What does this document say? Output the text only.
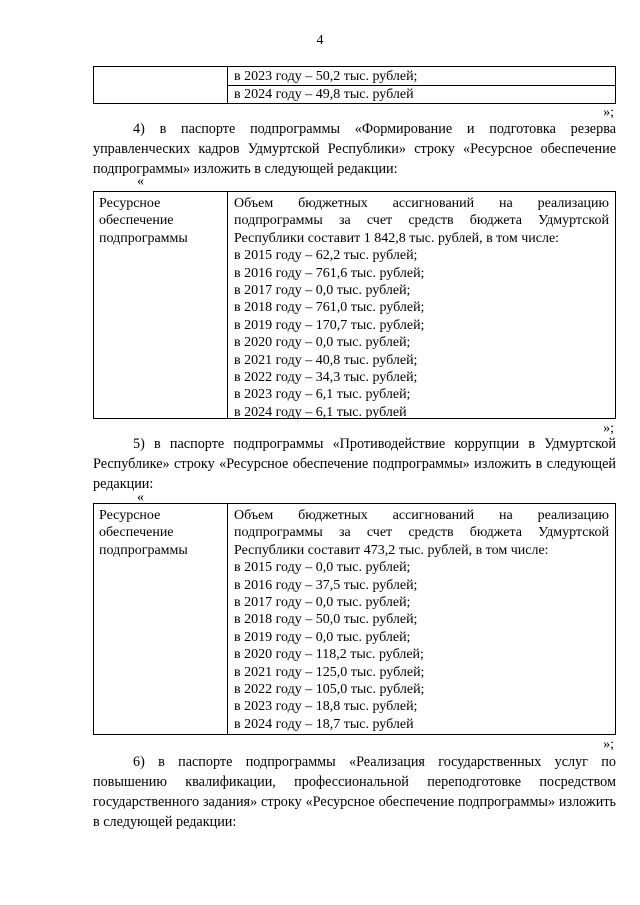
4
в 2023 году – 50,2 тыс. рублей;
в 2024 году – 49,8 тыс. рублей
»;
4) в паспорте подпрограммы «Формирование и подготовка резерва управленческих кадров Удмуртской Республики» строку «Ресурсное обеспечение подпрограммы» изложить в следующей редакции:
«
Ресурсное
обеспечение
подпрограммы
Объем бюджетных ассигнований на реализацию подпрограммы за счет средств бюджета Удмуртской Республики составит 1 842,8 тыс. рублей, в том числе:
в 2015 году – 62,2 тыс. рублей;
в 2016 году – 761,6 тыс. рублей;
в 2017 году – 0,0 тыс. рублей;
в 2018 году – 761,0 тыс. рублей;
в 2019 году – 170,7 тыс. рублей;
в 2020 году – 0,0 тыс. рублей;
в 2021 году – 40,8 тыс. рублей;
в 2022 году – 34,3 тыс. рублей;
в 2023 году – 6,1 тыс. рублей;
в 2024 году – 6,1 тыс. рублей
»;
5) в паспорте подпрограммы «Противодействие коррупции в Удмуртской Республике» строку «Ресурсное обеспечение подпрограммы» изложить в следующей редакции:
«
Ресурсное
обеспечение
подпрограммы
Объем бюджетных ассигнований на реализацию подпрограммы за счет средств бюджета Удмуртской Республики составит 473,2 тыс. рублей, в том числе:
в 2015 году – 0,0 тыс. рублей;
в 2016 году – 37,5 тыс. рублей;
в 2017 году – 0,0 тыс. рублей;
в 2018 году – 50,0 тыс. рублей;
в 2019 году – 0,0 тыс. рублей;
в 2020 году – 118,2 тыс. рублей;
в 2021 году – 125,0 тыс. рублей;
в 2022 году – 105,0 тыс. рублей;
в 2023 году – 18,8 тыс. рублей;
в 2024 году – 18,7 тыс. рублей
»;
6) в паспорте подпрограммы «Реализация государственных услуг по повышению квалификации, профессиональной переподготовке посредством государственного задания» строку «Ресурсное обеспечение подпрограммы» изложить в следующей редакции:
